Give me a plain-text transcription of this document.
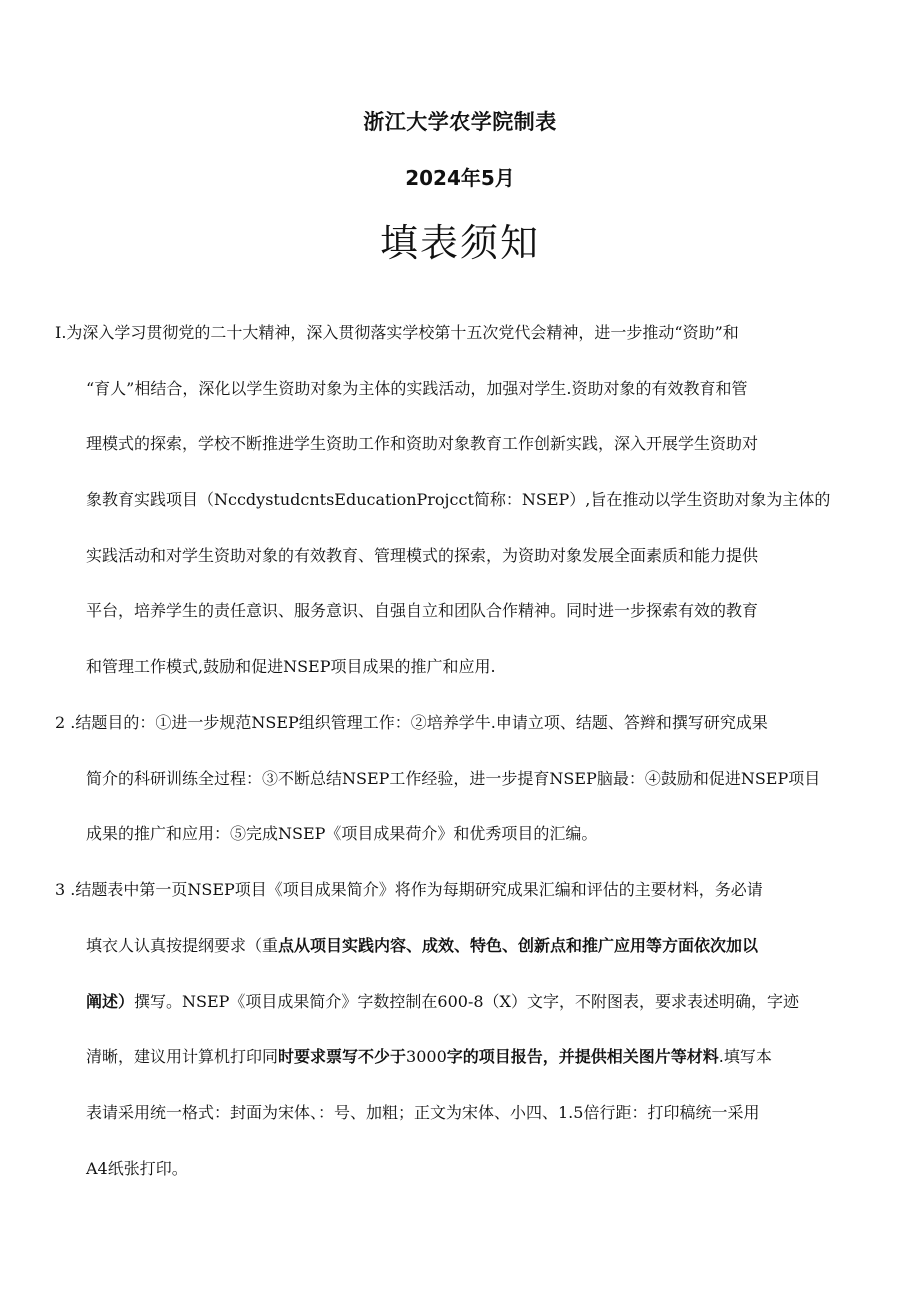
浙江大学农学院制表
2024年5月
填表须知
I.为深入学习贯彻党的二十大精神，深入贯彻落实学校第十五次党代会精神，进一步推动“资助”和
“育人”相结合，深化以学生资助对象为主体的实践活动，加强对学生.资助对象的有效教育和管
理模式的探索，学校不断推进学生资助工作和资助对象教育工作创新实践，深入开展学生资助对
象教育实践项目（NccdystudcntsEducationProjcct简称：NSEP）,旨在推动以学生资助对象为主体的
实践活动和对学生资助对象的有效教育、管理模式的探索，为资助对象发展全面素质和能力提供
平台，培养学生的责任意识、服务意识、自强自立和团队合作精神。同时进一步探索有效的教育
和管理工作模式,鼓励和促进NSEP项目成果的推广和应用.
2 .结题目的：①进一步规范NSEP组织管理工作：②培养学牛.申请立项、结题、答辫和撰写研究成果
简介的科研训练全过程：③不断总结NSEP工作经验，进一步提育NSEP脑最：④鼓励和促进NSEP项目
成果的推广和应用：⑤完成NSEP《项目成果荷介》和优秀项目的汇编。
3 .结题表中第一页NSEP项目《项目成果简介》将作为每期研究成果汇编和评估的主要材料，务必请
填衣人认真按提纲要求（重点从项目实践内容、成效、特色、创新点和推广应用等方面依次加以
阐述）撰写。NSEP《项目成果简介》字数控制在600-8（X）文字，不附图表，要求表述明确，字迹
清晰，建议用计算机打印同时要求票写不少于3000字的项目报告，并提供相关图片等材料.填写本
表请采用统一格式：封面为宋体、：号、加粗；正文为宋体、小四、1.5倍行距：打印稿统一采用
A4纸张打印。
